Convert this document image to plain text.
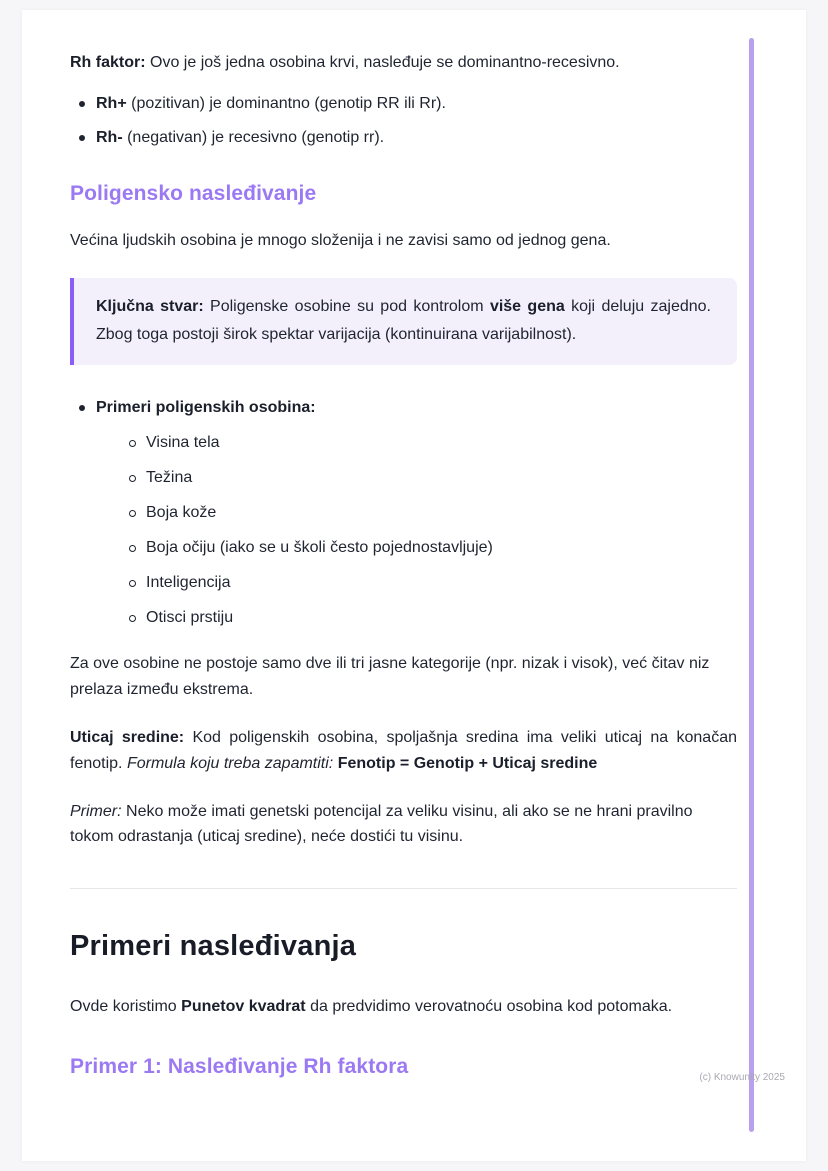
Rh faktor: Ovo je još jedna osobina krvi, nasleđuje se dominantno-recesivno.

Rh+ (pozitivan) je dominantno (genotip RR ili Rr).
Rh- (negativan) je recesivno (genotip rr).
Poligensko nasleđivanje

Većina ljudskih osobina je mnogo složenija i ne zavisi samo od jednog gena.

Ključna stvar: Poligenske osobine su pod kontrolom više gena koji deluju zajedno. Zbog toga postoji širok spektar varijacija (kontinuirana varijabilnost).

Primeri poligenskih osobina:
Visina tela
Težina
Boja kože
Boja očiju (iako se u školi često pojednostavljuje)
Inteligencija
Otisci prstiju

Za ove osobine ne postoje samo dve ili tri jasne kategorije (npr. nizak i visok), već čitav niz prelaza između ekstrema.

Uticaj sredine: Kod poligenskih osobina, spoljašnja sredina ima veliki uticaj na konačan fenotip. Formula koju treba zapamtiti: Fenotip = Genotip + Uticaj sredine

Primer: Neko može imati genetski potencijal za veliku visinu, ali ako se ne hrani pravilno tokom odrastanja (uticaj sredine), neće dostići tu visinu.

Primeri nasleđivanja

Ovde koristimo Punetov kvadrat da predvidimo verovatnoću osobina kod potomaka.

Primer 1: Nasleđivanje Rh faktora	(c) Knowunity 2025
